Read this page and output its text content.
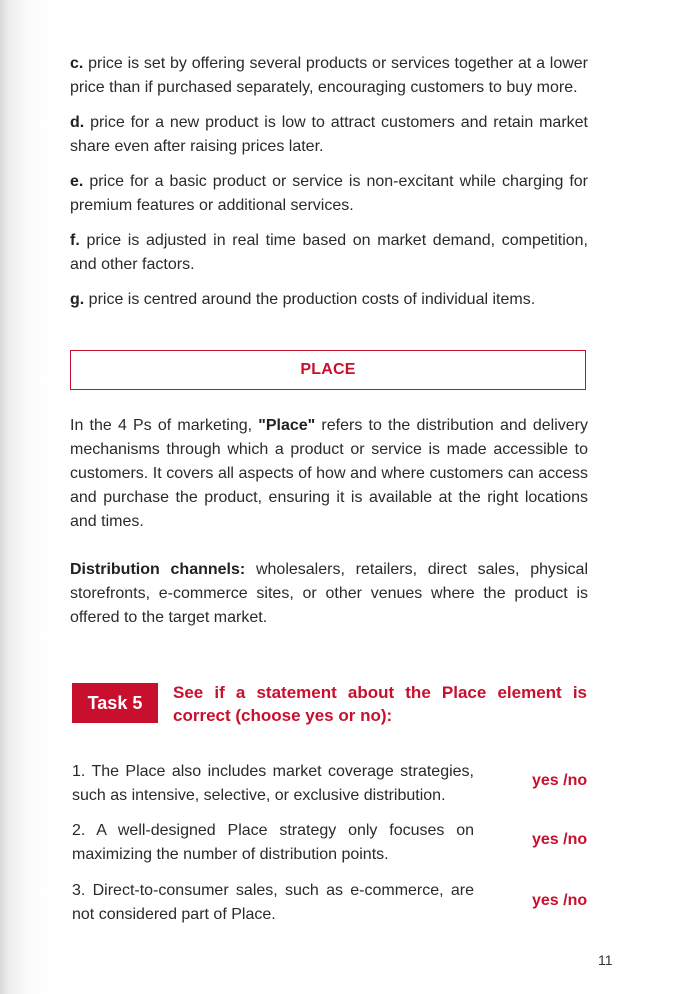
c. price is set by offering several products or services together at a lower price than if purchased separately, encouraging customers to buy more.

d. price for a new product is low to attract customers and retain market share even after raising prices later.

e. price for a basic product or service is non-excitant while charging for premium features or additional services.

f. price is adjusted in real time based on market demand, competition, and other factors.

g. price is centred around the production costs of individual items.

PLACE

In the 4 Ps of marketing, "Place" refers to the distribution and delivery mechanisms through which a product or service is made accessible to customers. It covers all aspects of how and where customers can access and purchase the product, ensuring it is available at the right locations and times.

Distribution channels: wholesalers, retailers, direct sales, physical storefronts, e-commerce sites, or other venues where the product is offered to the target market.

Task 5 See if a statement about the Place element is correct (choose yes or no):
1. The Place also includes market coverage strategies, such as intensive, selective, or exclusive distribution.
yes /no
2. A well-designed Place strategy only focuses on maximizing the number of distribution points.
yes /no
3. Direct-to-consumer sales, such as e-commerce, are not considered part of Place.
yes /no
11
